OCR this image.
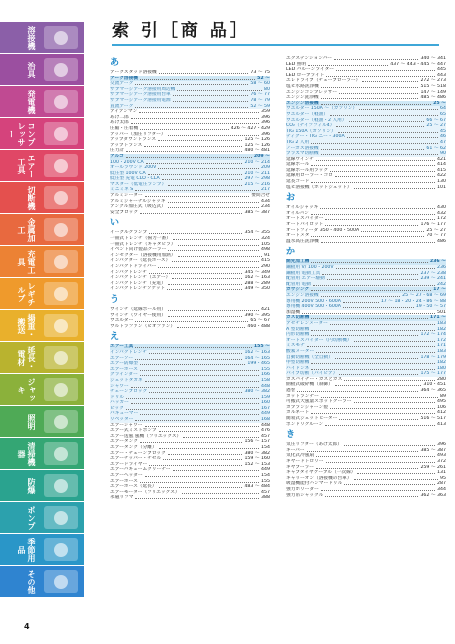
溶接機
治具
発電機
コンプレッサー
エアー工具
切断機
金属加工
充電工具
レギチルブ
揚重・搬送
延長・電材
ジャッキ
照明
清掃機器
防爆
ポンプ
季節用品
その他
索 引［商 品］
あ
アークスタッド溶接機	73 ～ 75
アーク溶接機	52 ～
交流アーク	58 ～ 60
サブマージアーク溶接用周辺機	80
サブマージアーク溶接用台車	76 ～ 77
サブマージアーク溶接用電源	78 ～ 79
直流アーク	52 ～ 59
アイアンマン	359
あげ二郎	396
あげ太郎	396
圧縮・圧着機	426 ～ 427・429
アッパー（加圧リフター）	396
アップダウントランス	125 ～ 126
アップトランス	125 ～ 126
圧力計	480 ～ 481
アルゴ	209 ～
100・200V CA	210 ～ 214
オールラウンド 200V	209
低圧型 100V CA	210 ～ 211
低圧型 充電 CLO・CLA	297 ～ 298
マスター（低電圧ランプ）	215 ～ 216
ミニミネ S	217
アルミシーター	要問合せ
アルミジャーナルジャッキ	434
アングル加圧式（吸込式）	234
安全ブロック	385 ～ 387
い
イーグルクランプ	354 ～ 355
一冊式トレンチ（揚力一番）	324
一冊式トレンチ（キャタピラ）	105
イベント向け製品クーラー	498
インゼクター（溶接機用加熱）	91
インパクター（延長ホース）	415
インパクトドライバー	290
インパクトレンチ	345 ～ 349
インパクトレンチ（エアー）	162 ～ 163
インパクトレンチ（充電）	288 ～ 289
インパクトレンチソケット	349 ～ 350
う
ウインチ（延線ボール用）	421
ウインチ（ワイヤー使用）	390 ～ 395
ウエルダー	65 ～ 67
ウルトラファン（ビオファン）	460・488
え
エアー工具	155 ～
インパクトレンチ	162 ～ 163
エアーソー	164 ～ 165
エアー防爆型	199・465
エアーホース	155
グラインダー	166
ジェットタガネ	158
シャワー	448
チェーンブロック	380 ～ 382
ドリル	159
ハッカー	160
ピック	167
バキューマー	449
リベッター	168
エアーシャワー	448
エアー式ミストポンプ	476
エアー送風 風機（フリエックス）	457
エアータンク	156 ～ 157
エアータンク（分離）	154
エアー・チェーンブロック	380 ～ 382
エアーチッパー・チゼル	159 ～ 160
エアードライヤー	152 ～ 153
エアーバキュームクリーナー	449
エアーヘッダー	154
エアーホース	155
エアーホース（延長）	483 ～ 484
エアーモーター（フリエックス）	457
永磁リフマ	388
エクステンションバー	340 ～ 341
LED 照明	437 ～ 443・445 ～ 447
LED バルーンライター	445
LED ローブライト	443
エレドライブ（チェーブローラー）	272 ～ 273
塩ビ水路洗浄機	515 ～ 518
エンジンコンプレッサー	147 ～ 149
エンジン洗浄機	485 ～ 486
エンジン溶接機	25 ～
ウエルダー 150A 〜（ガソリン）	64
ウエルダー（軽油）	65
ウエルダー（軽油・2 人用）	66 ～ 67
CO₂（ナイフフィル4）	25 ～ 27
TIG 150A（ガソリン）	45
ティグー・TIG ニー・300A	46
TIG 2 人用	47
ノーガス溶接機	61 ～ 62
プラズマ切断機	90
延線ウインチ	421
延線ボール	414
延線ボール用ラック	415
延線用ローラー・コロ	422
延長コード	130
塩ビ溶接機（ホットジェット）	101
お
オイルジャッキ	430
オイルパン	432
オートスパイダー	172
オートパイロット	176 ～ 177
オートフィーダ 350・400・500A	25 ～ 27
オートメタ	70 ～ 77
温水高圧洗浄機	486
か
開先加工機	236 ～
鋼板用 V/ 100・200V	236
鋼板用 電動工具	237 ～ 238
配管用 エアー駆動	239 ～ 241
配管用 電動	242
ガウジング	17 ～
エンジン溶接機	25 ～ 27・68 ～ 69
専用機 200V 500・600A	17 ～ 18・20・24・86 ～ 88
専用機 400V 500・600A	19・50 ～ 57
加湿機	501
ガス切断機	171 ～
アセチレンメーター	183
A 型切断機	182
円形切断機	172 ～ 174
オートスパイダー（円切断機）	172
ミスモナ	171
酸素メーター	183
自動切断機（全自動）	178 ～ 179
中型切断機	182
ハイドンネ	180
パイプ切断（パイピア）	175 ～ 177
ガスバイナー・ガスとガス	280
側板式破砕機（制御）	310・451
過巻	364 ～ 365
カットランナー	89
可搬式大風量スポットクーラー	495
カプランジャーン製	106
カルネート	412
簡易式ジェットヒーター	516 ～ 517
ボンドリクルーン	413
き
気圧リフター（あげ太郎）	396
キーパー	385 ～ 387
気化式冷風扇	493
ギヤードトロリー	372
ギヤプーラー	259 ～ 261
キャプタイヤケーブル（一次線）	131
キャリーオン（溶接機の台車）	95
吸湿機能付ハンマードリル	287
強力ホリーダー	344
強力吊シャックル	362 ～ 363
4
